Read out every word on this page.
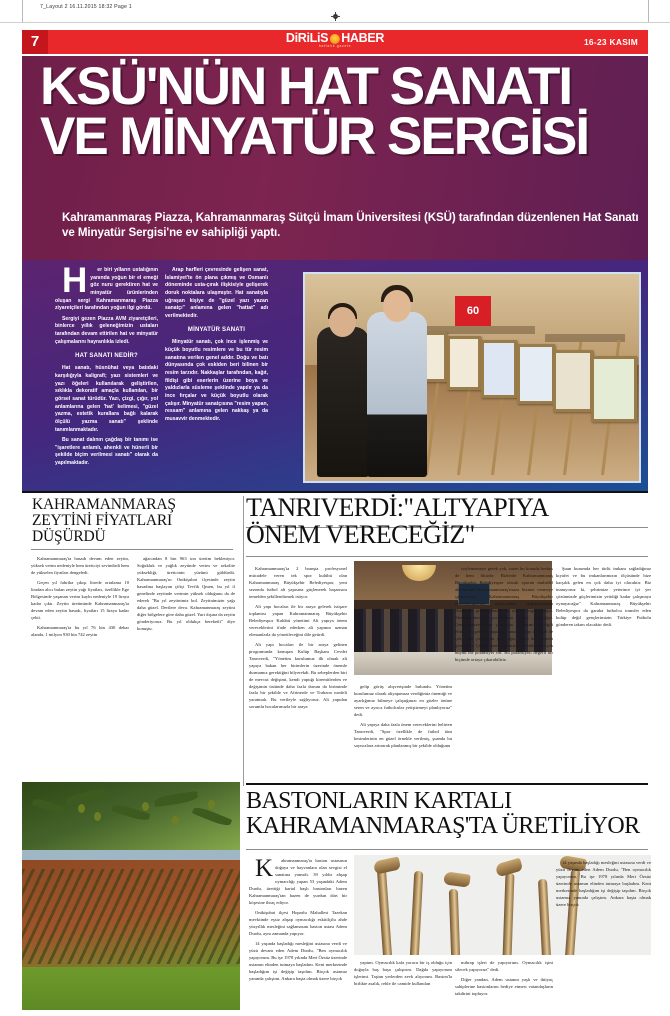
7_Layout 2 16.11.2015 18:32 Page 1
7	DiRiLiS HABER
haftalık gazete	16-23 KASIM
KSÜ'NÜN HAT SANATI
VE MİNYATÜR SERGİSİ
Kahramanmaraş Piazza, Kahramanmaraş Sütçü İmam Üniversitesi (KSÜ) tarafından düzenlenen Hat Sanatı ve Minyatür Sergisi'ne ev sahipliği yaptı.

H er biri yılların ustalığının yanında yoğun bir el emeği göz nuru gerektiren hat ve minyatür ürünlerinden oluşan sergi Kahramanmaraş Piazza ziyaretçileri tarafından yoğun ilgi gördü.

Sergiyi gezen Piazza AVM ziyaretçileri, binlerce yıllık geleneğimizin ustaları tarafından devam ettirilen hat ve minyatür çalışmalarını hayranlıkla izledi.

HAT SANATI NEDİR?

Hat sanatı, hüsnühat veya batıdaki karşılığıyla kaligrafi; yazı sistemleri ve yazı öğeleri kullanılarak geliştirilen, sıklıkla dekoratif amaçla kullanılan, bir görsel sanat türüdür. Yazı, çizgi, çığır, yol anlamlarına gelen 'hat' kelimesi, "güzel yazma, estetik kurallara bağlı kalarak ölçülü yazma sanatı" şeklinde tanımlanmaktadır.

Bu sanat dalının çağdaş bir tanımı ise "işaretlere anlamlı, ahenkli ve hünerli bir şekilde biçim verilmesi sanatı" olarak da yapılmaktadır.

Arap harfleri çevresinde gelişen sanat, İslamiyet'te ön plana çıkmış ve Osmanlı döneminde usta-çırak ilişkisiyle gelişerek doruk noktalara ulaşmıştır. Hat sanatıyla uğraşan kişiye de "güzel yazı yazan sanatçı" anlamına gelen "hattat" adı verilmektedir.

MİNYATÜR SANATI

Minyatür sanatı, çok ince işlenmiş ve küçük boyutlu resimlere ve bu tür resim sanatına verilen genel addır. Doğu ve batı dünyasında çok eskiden beri bilinen bir resim tarzıdır. Nakkaşlar tarafından, kağıt, fildişi gibi eserlerin üzerine boya ve yaldızlarla süsleme şeklinde yapılır ya da ince fırçalar ve küçük boyutlu olarak çalışır. Minyatür sanatçısına "resim yapan, ressam" anlamına gelen nakkaş ya da musavvir denmektedir.

60
KAHRAMANMARAŞ ZEYTİNİ FİYATLARI DÜŞÜRDÜ

Kahramanmaraş'ta hasadı devam eden zeytin, yüksek verim nedeniyle hem üreticiyi sevindirdi hem de yükselen fiyatları dengeledi.

Geçen yıl fabrika çıkışı litrede ortalama 10 liradan alıcı bulan zeytin yağı fiyatları, özellikle Ege Bölgesinde yaşanan verim kaybı nedeniyle 19 liraya kadar çıktı. Zeytin üretiminde Kahramanmaraş'ta devam eden zeytin hasadı, fiyatları 15 liraya kadar çekti.

Kahramanmaraş'ta bu yıl 76 bin 430 dekar alanda, 1 milyon 930 bin 742 zeytin

ağacından 8 bin 963 ton üretim bekleniyor. Soğukluk ve yağlık zeytinde verim ve sekolite yüksekliği, üreticinin yüzünü güldürdü. Kahramanmaraş'ın Onikişubat ilçesinde zeytin hasadına başlayan çiftçi Tevfik Qmen, bu yıl il genelinde zeytinde verimin yüksek olduğunu da de ederek "Bu yıl zeytinimiz bol. Zeytinimizin yağı daha güzel. Dertlere deva. Kahramanmaraş zeytini diğer bölgelere göre daha güzel. Yurt dışına da zeytin gönderiyoruz. Bu yıl oldukça bereketli" diye konuştu.

TANRIVERDİ:"ALTYAPIYA
ÖNEM VERECEĞİZ"

Kahramanmaraş'ta 2 branşta profesyonel mücadele veren tek spor kulübü olan Kahramanmaraş Büyükşehir Belediyespor, yeni sezonda futbol alt yapısına güçlenerek başarısını temelden şekillendirmek istiyor.

Alt yapı hocaları ile bir araya gelerek istişare toplantısı yapan Kahramanmaraş Büyükşehir Belediyespor Kulübü yönetimi Alt yapıya önem vereceklerini ifade ederken alt yapının uzman elemanlarla da yönetileceğini dile getirdi.

Alt yapı hocaları ile bir araya gelinen programında konuşan Kulüp Başkanı Cevdet Tanrıverdi, "Yönetim kurulumuz ilk olarak alt yapıya bakan her birimlerin üzerinde önemle durmamız gerektiğini bilyerekdi. Bu sebeplerden biri de mevcut değişimi, kendi yaptığı kiremitlerden ve değişimin üstünde daha fazla durum da biriminde fazla bir şekilde ve Afrinerde ve Trabzon modeli yaratmalı. Bu verileyle sağlıyoruz. Alt yapıdan sorumlu hocalarımızla bir araya

gelip görüş alışverişinde bulundu. Yönetim kurulumuz olarak altyapımıza verdiğimiz önemiği ve ayarlığımız bilmeye çalıştığınızı en gözler önüne seren ve ayrıca futbolcular yetiştirmeyi planlıyoruz" dedi.

Alt yapıya daha fazla önem vereceklerini belirten Tanrıverdi, "Spor özellikle de futbol tüm kesimlerinin en güzel örnekle verilmiş, şuanda bu sayısızlara artırarak planlanmış bir şekilde olduğunu

söylememeye gerek yok, zaten bu konuda herkes de hem fikirdir. Bizlerde Kahramanmaraş Büyükşehir Belediyespor olarak sporun muhtelif alanlarında Kahramanmaraş'ımıza hizmet vermeye çalışıyoruz. Kahramanmaraş Büyükşehir Belediyespor'un meziyetleri doğrultusunda elimizden gelen çabanın en iyisini sergileyeceğiz. Memleketimizin çocuklarına sahip çıkacağız. Gençlerimize sahip çıkacağız. A takım ile ilgili elimizden gelenin yapacağız ama alt yapı ile ilgili de çok ciddi çalışmalar yapacağız. Bunu da zamanla göreceğiz. Çünkü memleketimizin çocuklarında çok büyük bir potansiyel var. Bu potansiyeli değerli bir biçimde ortaya çıkarabiliriz.

Şuan kurumda her türlü imkanı sağladığınız kıyafet ve bu imkanlarımızın ölçüsünde bize karşılık gelen en çok daha iyi olacaktır. Biz inanıyoruz ki, şehrimize yeterince iyi yer çözümüzde güçlerimizin yetidiği kadar çalışmaya oynayacağız" Kahramanmaraş Büyükşehir Belediyespor da garaba futbolcu transfer eden kulüp değil gençlerimizin Türkiye Futbolu gönderen takım olacaktır dedi.

BASTONLARIN KARTALI
KAHRAMANMARAŞ'TA ÜRETİLİYOR

K ahramanmaraş'ta baston ustasının doğaya ve hayvanlara olan sevgisi el sanatına yansıdı. 39 yıldır ahşap oymacılığı yapan 53 yaşındaki Adem Durdu, ürettiği kartal başlı bastonları bazen Kahramanmaraş'tan bazen de yurdun dört bir köşesine ihraç ediyor.

Onikişubat ilçesi Hoparlu Mahallesi Tazekan mevkiinde eşsiz ahşap oymacılığı eskitilçilu ahde yüzyıllık mesleğini sağlamasını baston ustası Adem Durdu, aynı zamanda yapıyor.

14 yaşında başladığı mesleğini ustasına verdi ve yüzü devam eden Adem Durdu, "Ben oymacılık yapıyorum. Bu işe 1978 yılında Mert Özsüz üzerinde ustamın elinden tutmaya başladım. Kent merkezinde başladığım işi değişip taşıdım. Birçok ustamız yanında çalıştım. Ankara başta olmak üzere birçok

yaptım. Oymacılık kafa yoracu bir iş olduğu için doğayla baş başa çalışırım. Dağda yapıyorum işlerimi. Taştan yerlerden zevk alıyorum. Baston'la birlikte asalık, rehle ile camide kullanılan

mihrap işleri de yapıyorum. Oymacılık işini silecek yapıyoruz" dedi.

Diğer yandan, Adem ustanın yaşlı ve ihtiyaç sahiplerine bastonlarını hediye etmesi vatandaşların takdirini topluyor.

14 yaşında başladığı mesleğini ustasına verdi ve yüzü devam eden Adem Durdu, "Ben oymacılık yapıyorum. Bu işe 1978 yılında Mert Özsüz üzerinde ustamın elinden tutmaya başladım. Kent merkezinde başladığım işi değişip taşıdım. Birçok ustamız yanında çalıştım. Ankara başta olmak üzere birçok
